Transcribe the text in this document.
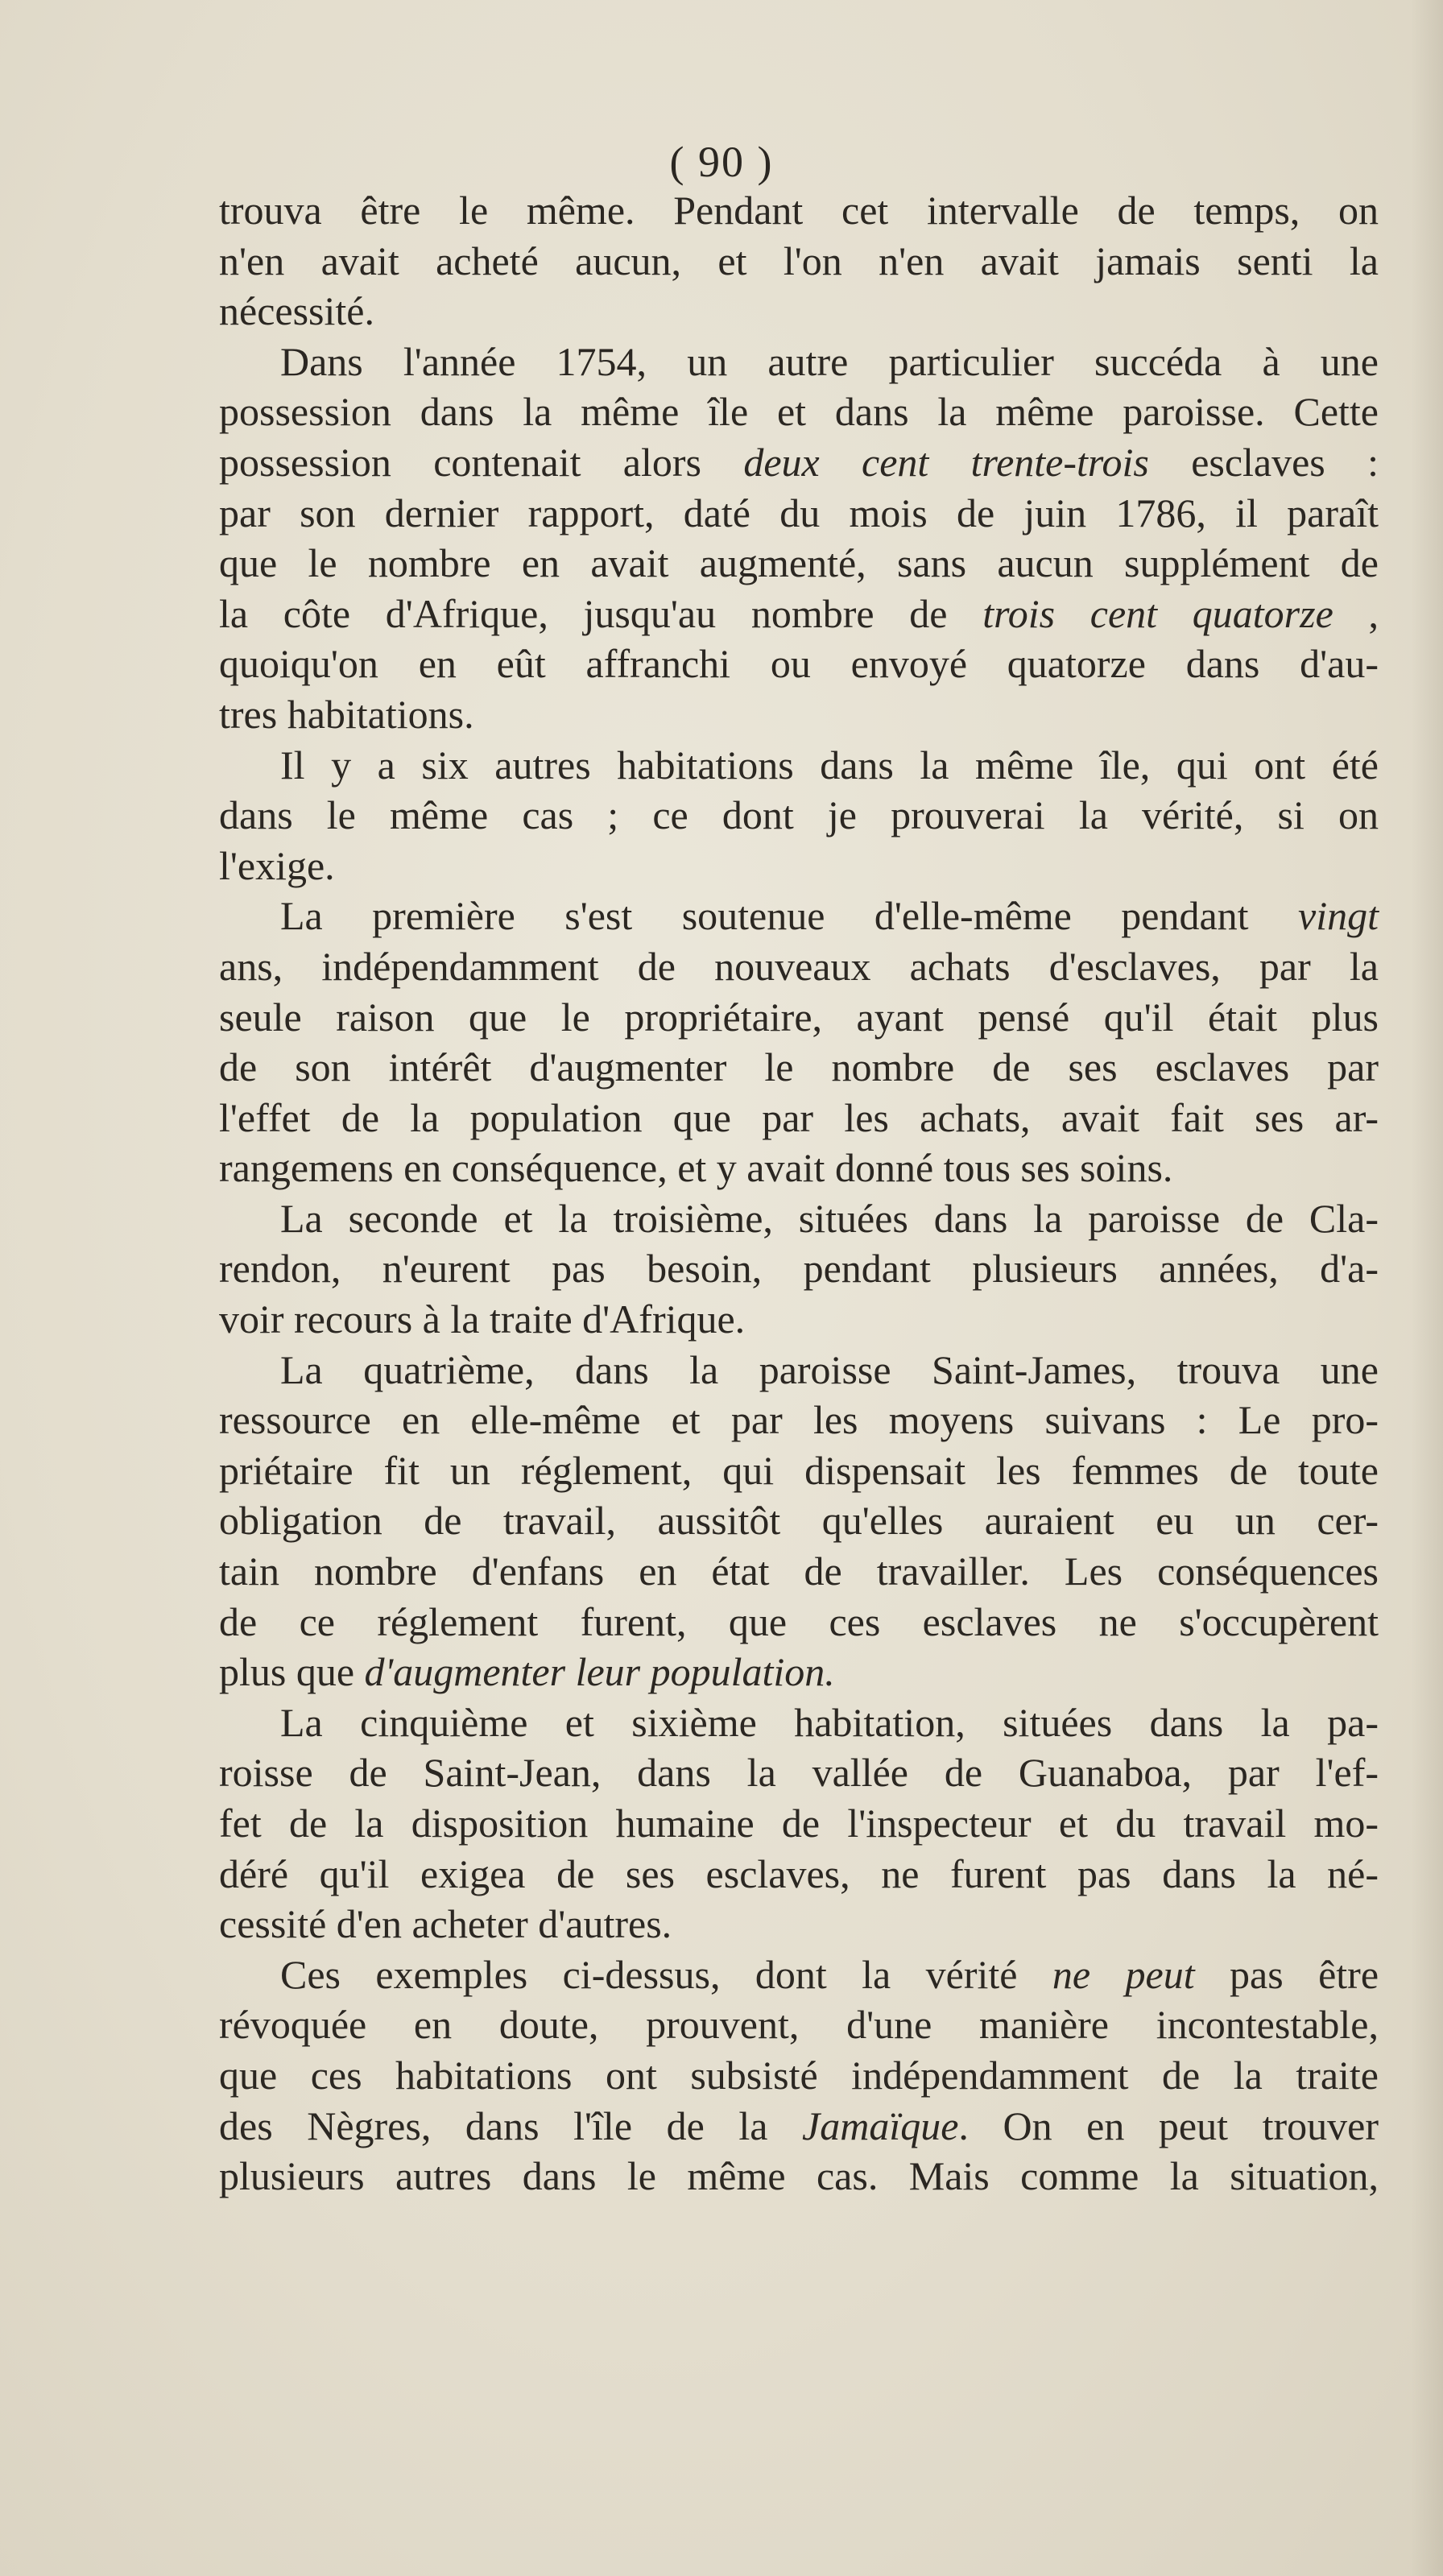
( 90 )
trouva être le même. Pendant cet intervalle de temps, on
n'en avait acheté aucun, et l'on n'en avait jamais senti la
nécessité.
Dans l'année 1754, un autre particulier succéda à une
possession dans la même île et dans la même paroisse. Cette
possession contenait alors deux cent trente-trois esclaves :
par son dernier rapport, daté du mois de juin 1786, il paraît
que le nombre en avait augmenté, sans aucun supplément de
la côte d'Afrique, jusqu'au nombre de trois cent quatorze ,
quoiqu'on en eût affranchi ou envoyé quatorze dans d'au-
tres habitations.
Il y a six autres habitations dans la même île, qui ont été
dans le même cas ; ce dont je prouverai la vérité, si on
l'exige.
La première s'est soutenue d'elle-même pendant vingt
ans, indépendamment de nouveaux achats d'esclaves, par la
seule raison que le propriétaire, ayant pensé qu'il était plus
de son intérêt d'augmenter le nombre de ses esclaves par
l'effet de la population que par les achats, avait fait ses ar-
rangemens en conséquence, et y avait donné tous ses soins.
La seconde et la troisième, situées dans la paroisse de Cla-
rendon, n'eurent pas besoin, pendant plusieurs années, d'a-
voir recours à la traite d'Afrique.
La quatrième, dans la paroisse Saint-James, trouva une
ressource en elle-même et par les moyens suivans : Le pro-
priétaire fit un réglement, qui dispensait les femmes de toute
obligation de travail, aussitôt qu'elles auraient eu un cer-
tain nombre d'enfans en état de travailler. Les conséquences
de ce réglement furent, que ces esclaves ne s'occupèrent
plus que d'augmenter leur population.
La cinquième et sixième habitation, situées dans la pa-
roisse de Saint-Jean, dans la vallée de Guanaboa, par l'ef-
fet de la disposition humaine de l'inspecteur et du travail mo-
déré qu'il exigea de ses esclaves, ne furent pas dans la né-
cessité d'en acheter d'autres.
Ces exemples ci-dessus, dont la vérité ne peut pas être
révoquée en doute, prouvent, d'une manière incontestable,
que ces habitations ont subsisté indépendamment de la traite
des Nègres, dans l'île de la Jamaïque. On en peut trouver
plusieurs autres dans le même cas. Mais comme la situation,
